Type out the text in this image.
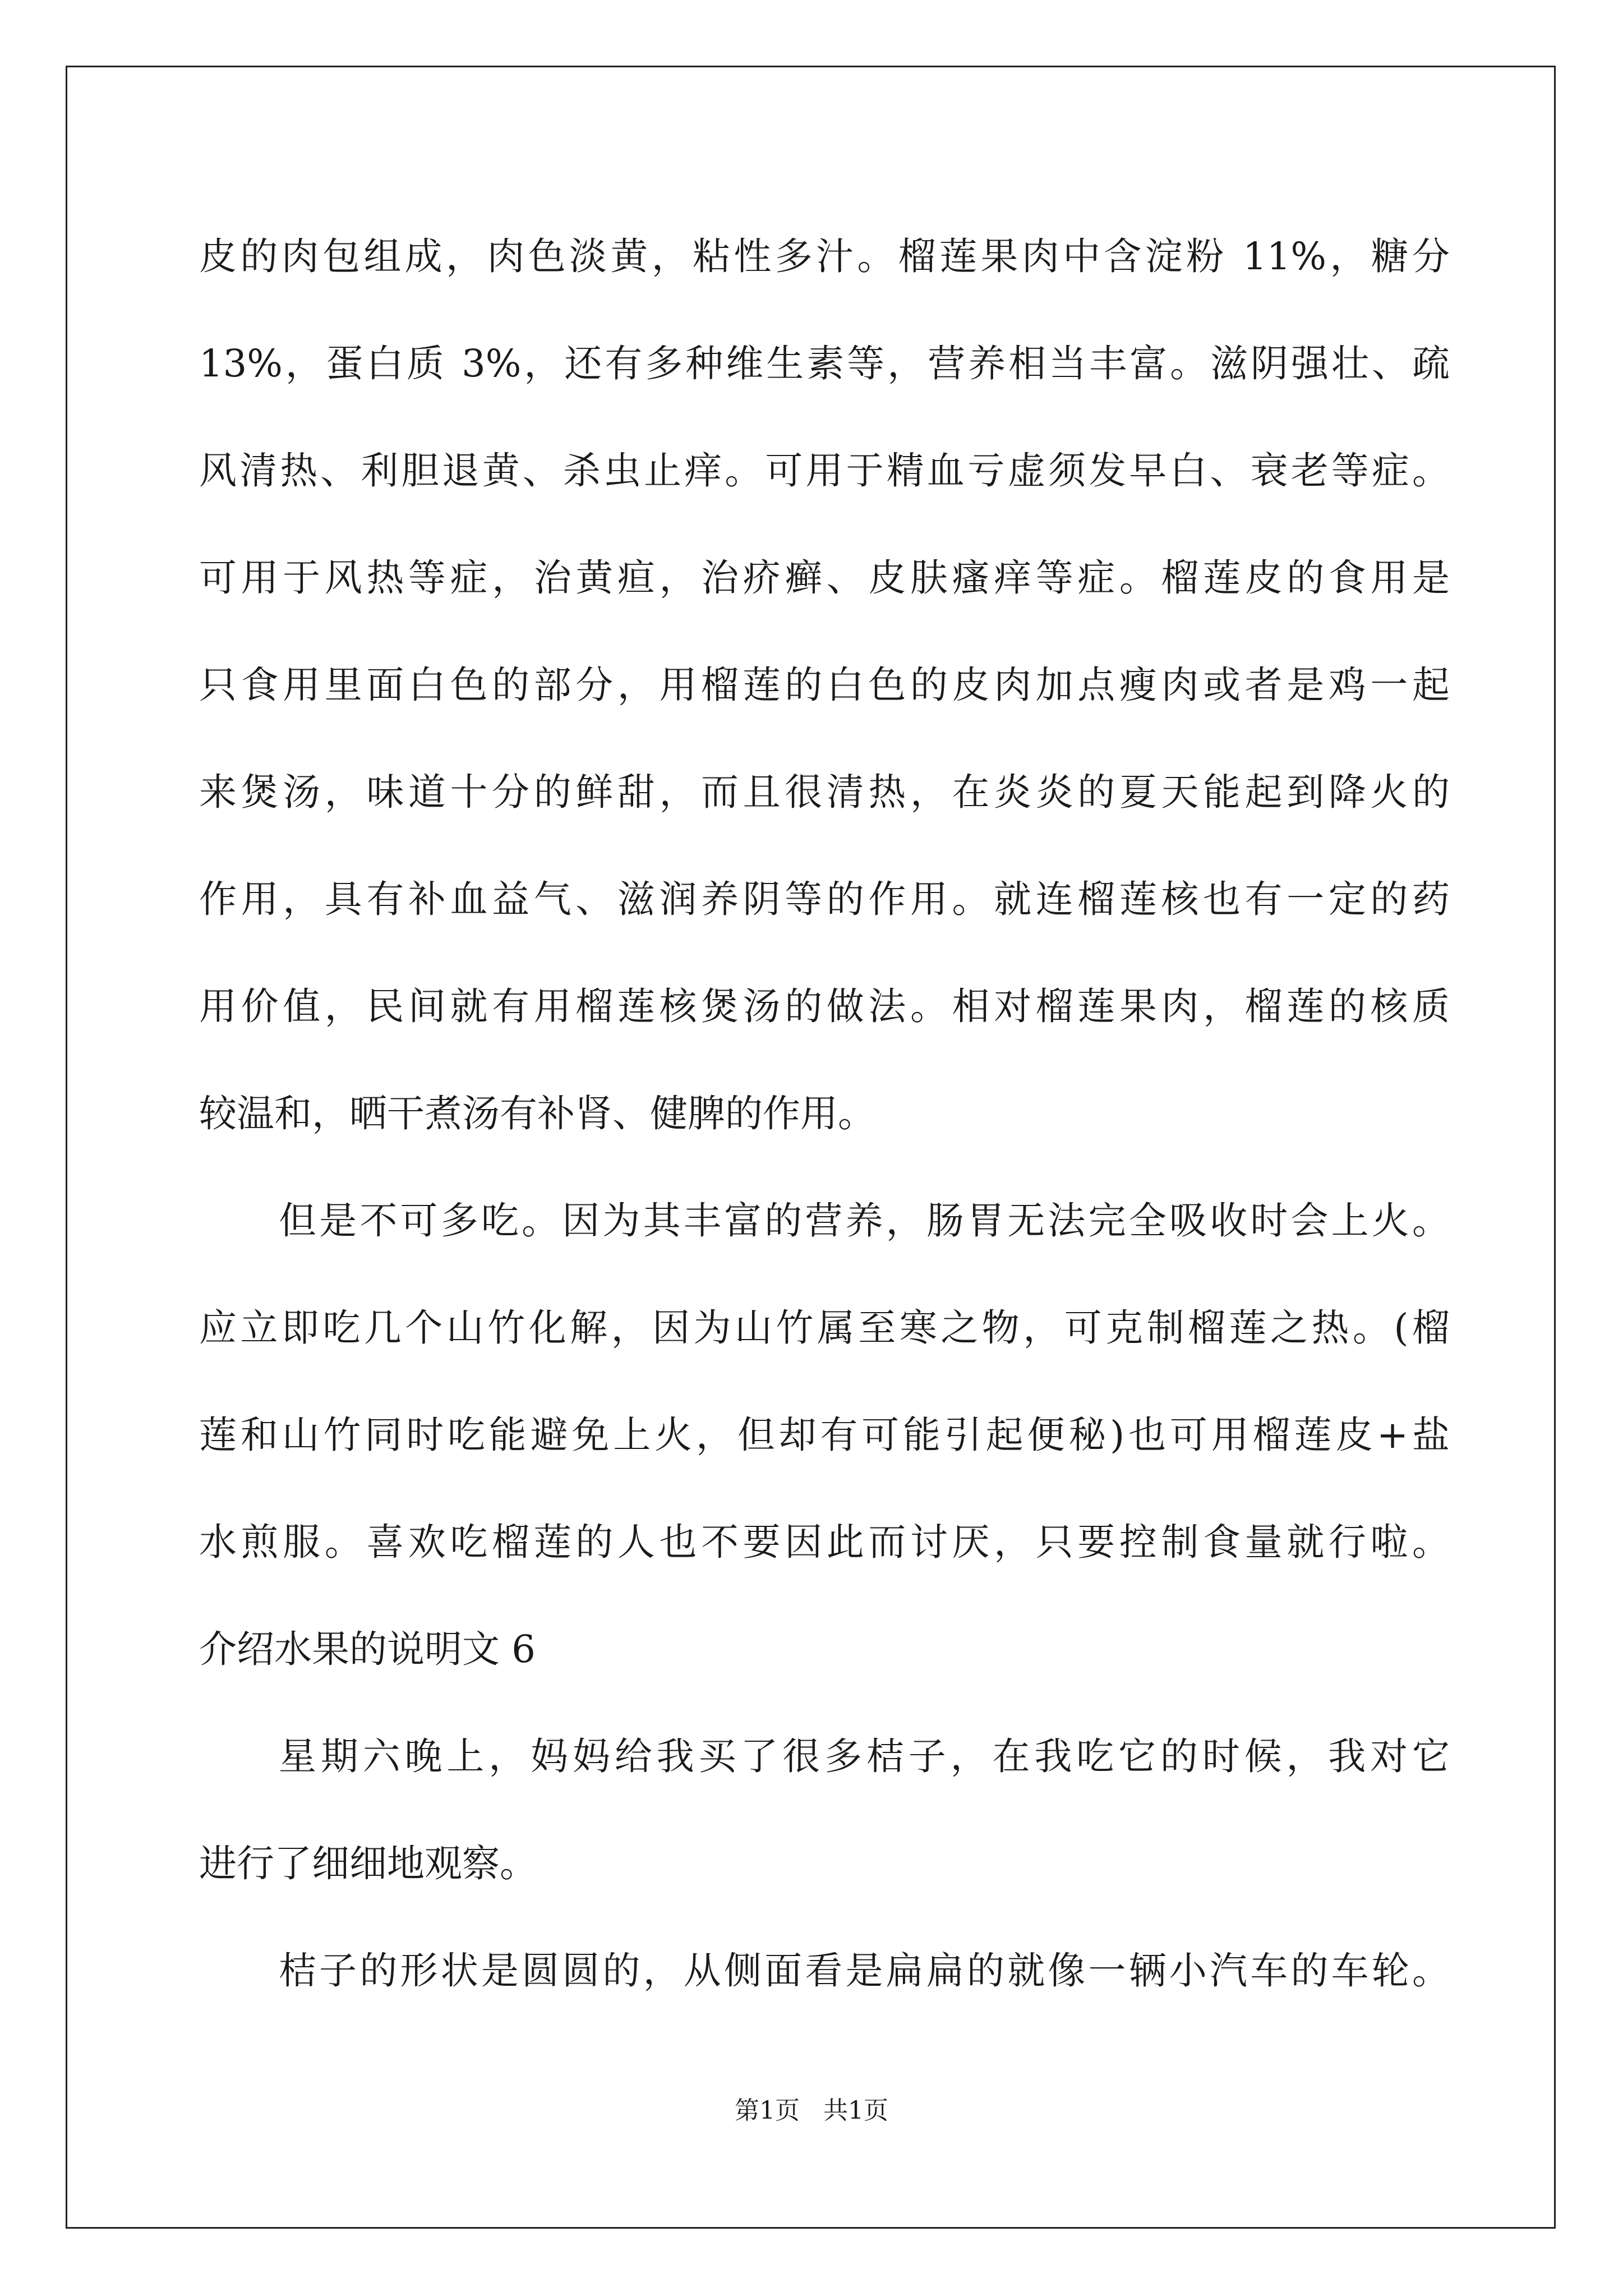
皮的肉包组成，肉色淡黄，粘性多汁。榴莲果肉中含淀粉 11%，糖分
13%，蛋白质 3%，还有多种维生素等，营养相当丰富。滋阴强壮、疏
风清热、利胆退黄、杀虫止痒。可用于精血亏虚须发早白、衰老等症。
可用于风热等症，治黄疸，治疥癣、皮肤瘙痒等症。榴莲皮的食用是
只食用里面白色的部分，用榴莲的白色的皮肉加点瘦肉或者是鸡一起
来煲汤，味道十分的鲜甜，而且很清热，在炎炎的夏天能起到降火的
作用，具有补血益气、滋润养阴等的作用。就连榴莲核也有一定的药
用价值，民间就有用榴莲核煲汤的做法。相对榴莲果肉，榴莲的核质
较温和，晒干煮汤有补肾、健脾的作用。
但是不可多吃。因为其丰富的营养，肠胃无法完全吸收时会上火。
应立即吃几个山竹化解，因为山竹属至寒之物，可克制榴莲之热。(榴
莲和山竹同时吃能避免上火，但却有可能引起便秘)也可用榴莲皮+盐
水煎服。喜欢吃榴莲的人也不要因此而讨厌，只要控制食量就行啦。
介绍水果的说明文 6
星期六晚上，妈妈给我买了很多桔子，在我吃它的时候，我对它
进行了细细地观察。
桔子的形状是圆圆的，从侧面看是扁扁的就像一辆小汽车的车轮。
第1页   共1页
